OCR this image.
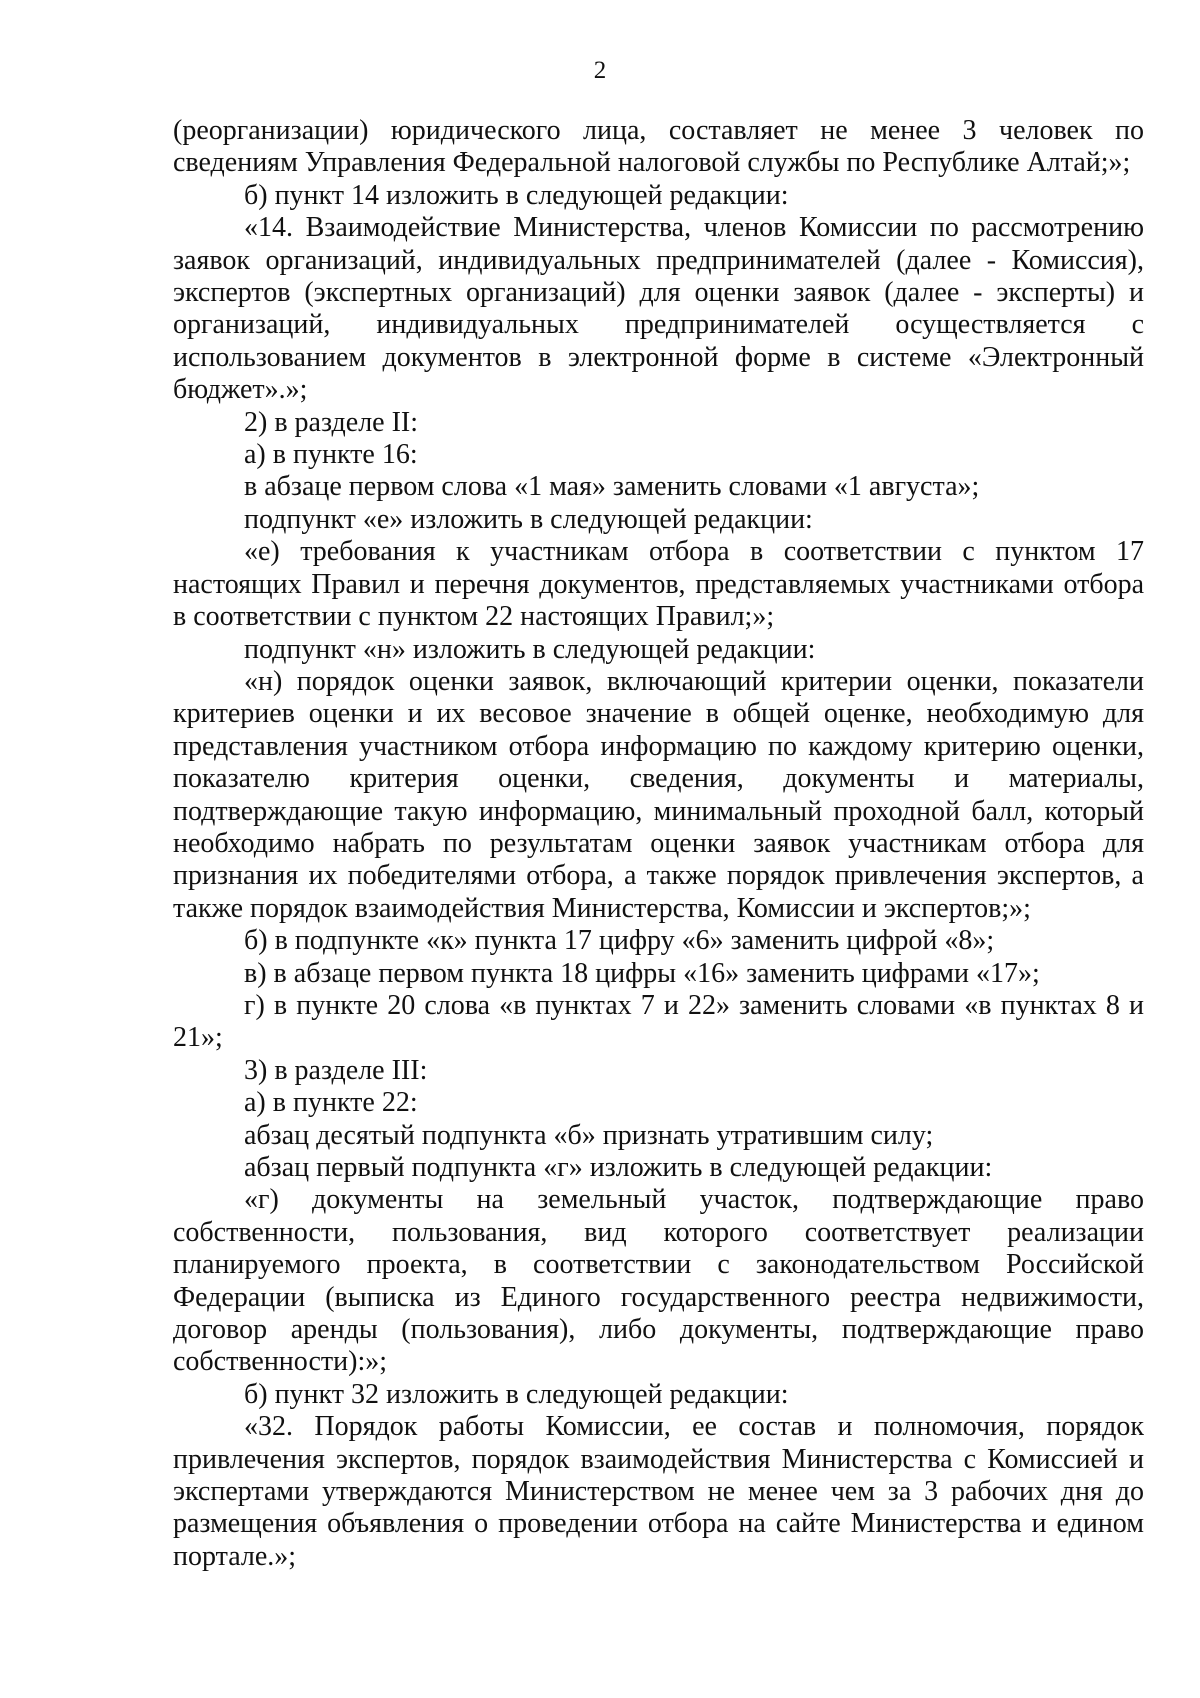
2

(реорганизации) юридического лица, составляет не менее 3 человек по сведениям Управления Федеральной налоговой службы по Республике Алтай;»;

б) пункт 14 изложить в следующей редакции:

«14. Взаимодействие Министерства, членов Комиссии по рассмотрению заявок организаций, индивидуальных предпринимателей (далее - Комиссия), экспертов (экспертных организаций) для оценки заявок (далее - эксперты) и организаций, индивидуальных предпринимателей осуществляется с использованием документов в электронной форме в системе «Электронный бюджет».»;

2) в разделе II:

а) в пункте 16:

в абзаце первом слова «1 мая» заменить словами «1 августа»;

подпункт «е» изложить в следующей редакции:

«е) требования к участникам отбора в соответствии с пунктом 17 настоящих Правил и перечня документов, представляемых участниками отбора в соответствии с пунктом 22 настоящих Правил;»;

подпункт «н» изложить в следующей редакции:

«н) порядок оценки заявок, включающий критерии оценки, показатели критериев оценки и их весовое значение в общей оценке, необходимую для представления участником отбора информацию по каждому критерию оценки, показателю критерия оценки, сведения, документы и материалы, подтверждающие такую информацию, минимальный проходной балл, который необходимо набрать по результатам оценки заявок участникам отбора для признания их победителями отбора, а также порядок привлечения экспертов, а также порядок взаимодействия Министерства, Комиссии и экспертов;»;

б) в подпункте «к» пункта 17 цифру «6» заменить цифрой «8»;

в) в абзаце первом пункта 18 цифры «16» заменить цифрами «17»;

г) в пункте 20 слова «в пунктах 7 и 22» заменить словами «в пунктах 8 и 21»;

3) в разделе III:

а) в пункте 22:

абзац десятый подпункта «б» признать утратившим силу;

абзац первый подпункта «г» изложить в следующей редакции:

«г) документы на земельный участок, подтверждающие право собственности, пользования, вид которого соответствует реализации планируемого проекта, в соответствии с законодательством Российской Федерации (выписка из Единого государственного реестра недвижимости, договор аренды (пользования), либо документы, подтверждающие право собственности):»;

б) пункт 32 изложить в следующей редакции:

«32. Порядок работы Комиссии, ее состав и полномочия, порядок привлечения экспертов, порядок взаимодействия Министерства с Комиссией и экспертами утверждаются Министерством не менее чем за 3 рабочих дня до размещения объявления о проведении отбора на сайте Министерства и едином портале.»;
